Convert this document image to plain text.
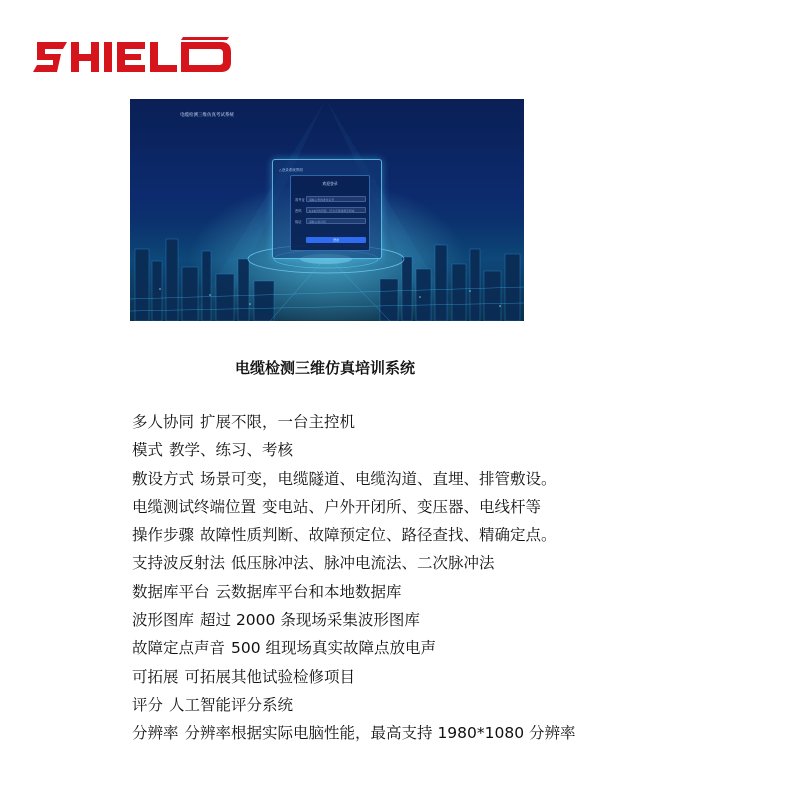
电缆检测三维仿真考试系统
△登录系统界面
欢迎登录
准考证	请输入您的准考证号
密码	6-16位的密码，可为字母和数字组成
验证	请输入验证码
登录
电缆检测三维仿真培训系统
多人协同 扩展不限，一台主控机
模式 教学、练习、考核
敷设方式 场景可变，电缆隧道、电缆沟道、直埋、排管敷设。
电缆测试终端位置 变电站、户外开闭所、变压器、电线杆等
操作步骤 故障性质判断、故障预定位、路径查找、精确定点。
支持波反射法 低压脉冲法、脉冲电流法、二次脉冲法
数据库平台 云数据库平台和本地数据库
波形图库 超过 2000 条现场采集波形图库
故障定点声音 500 组现场真实故障点放电声
可拓展 可拓展其他试验检修项目
评分 人工智能评分系统
分辨率 分辨率根据实际电脑性能，最高支持 1980*1080 分辨率
